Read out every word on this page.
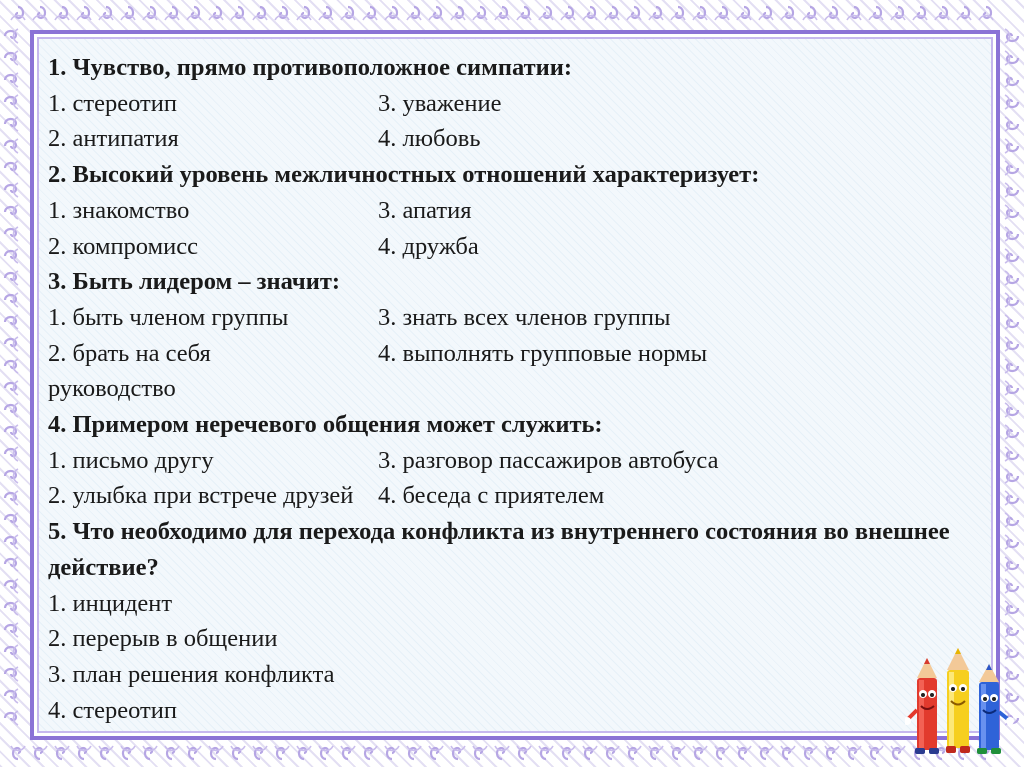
1. Чувство, прямо противоположное симпатии:
1. стереотип	3. уважение
2. антипатия	4. любовь
2. Высокий уровень межличностных отношений характеризует:
1. знакомство	3. апатия
2. компромисс	4. дружба
3. Быть лидером – значит:
1. быть членом группы	3. знать всех членов группы
2. брать на себя	4. выполнять групповые нормы
руководство
4. Примером неречевого общения может служить:
1. письмо другу	3. разговор пассажиров автобуса
2. улыбка при встрече друзей	4. беседа с приятелем
5. Что необходимо для перехода конфликта из внутреннего состояния во внешнее
действие?
1. инцидент
2. перерыв в общении
3. план решения конфликта
4. стереотип
